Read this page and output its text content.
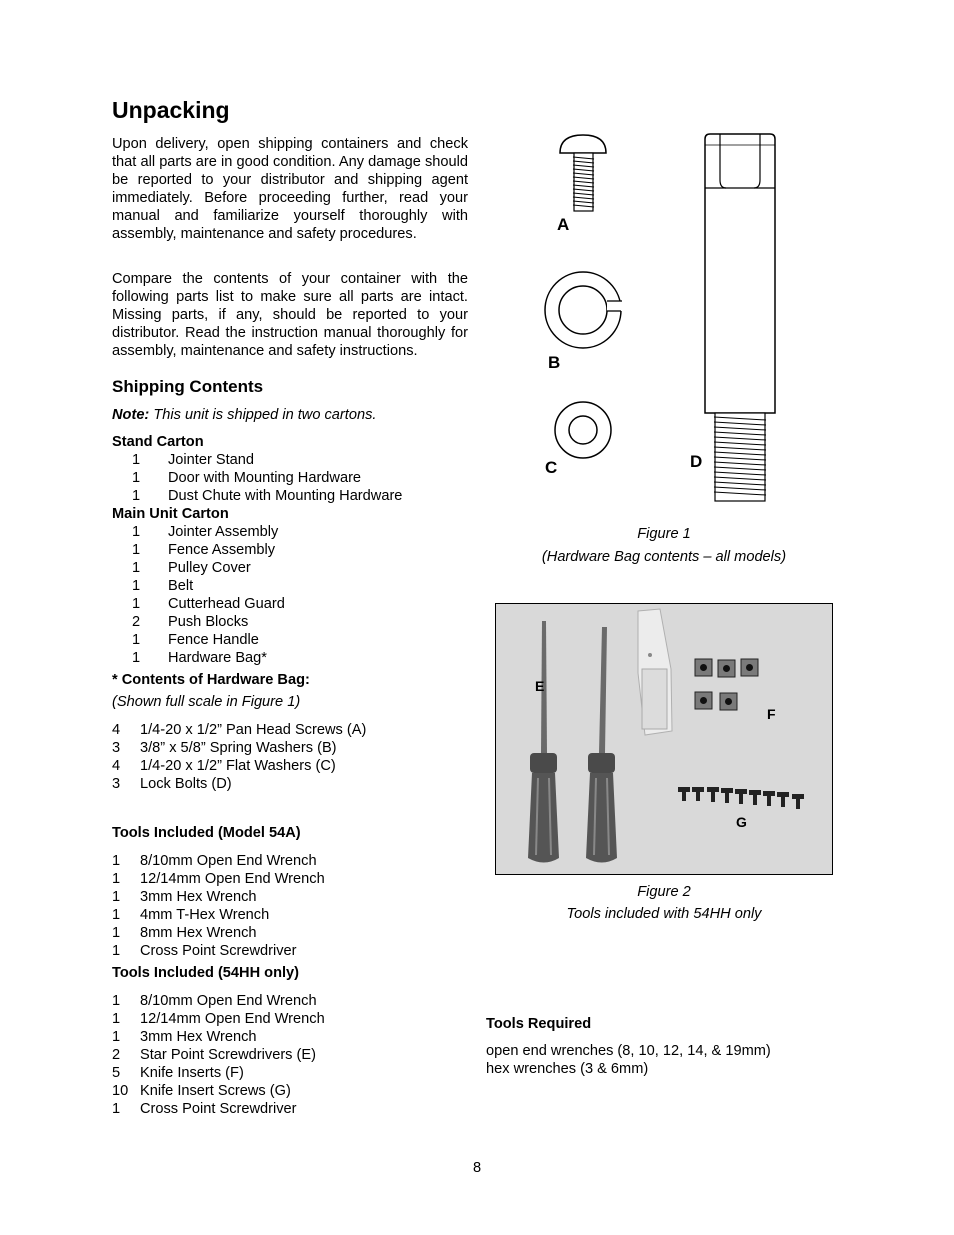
Unpacking

Upon delivery, open shipping containers and check that all parts are in good condition. Any damage should be reported to your distributor and shipping agent immediately. Before proceeding further, read your manual and familiarize yourself thoroughly with assembly, maintenance and safety procedures.

Compare the contents of your container with the following parts list to make sure all parts are intact. Missing parts, if any, should be reported to your distributor. Read the instruction manual thoroughly for assembly, maintenance and safety instructions.

Shipping Contents

Note: This unit is shipped in two cartons.

Stand Carton
1	Jointer Stand
1	Door with Mounting Hardware
1	Dust Chute with Mounting Hardware
Main Unit Carton
1	Jointer Assembly
1	Fence Assembly
1	Pulley Cover
1	Belt
1	Cutterhead Guard
2	Push Blocks
1	Fence Handle
1	Hardware Bag*
* Contents of Hardware Bag:
(Shown full scale in Figure 1)
4	1/4-20 x 1/2” Pan Head Screws (A)
3	3/8” x 5/8” Spring Washers (B)
4	1/4-20 x 1/2” Flat Washers (C)
3	Lock Bolts (D)
Tools Included (Model 54A)
1	8/10mm Open End Wrench
1	12/14mm Open End Wrench
1	3mm Hex Wrench
1	4mm T-Hex Wrench
1	8mm Hex Wrench
1	Cross Point Screwdriver
Tools Included (54HH only)
1	8/10mm Open End Wrench
1	12/14mm Open End Wrench
1	3mm Hex Wrench
2	Star Point Screwdrivers (E)
5	Knife Inserts (F)
10 Knife Insert Screws (G)
1	Cross Point Screwdriver
A
B
C	D
Figure 1
(Hardware Bag contents – all models)
E
F
G
Figure 2
Tools included with 54HH only
Tools Required
open end wrenches (8, 10, 12, 14, & 19mm)
hex wrenches (3 & 6mm)
8
